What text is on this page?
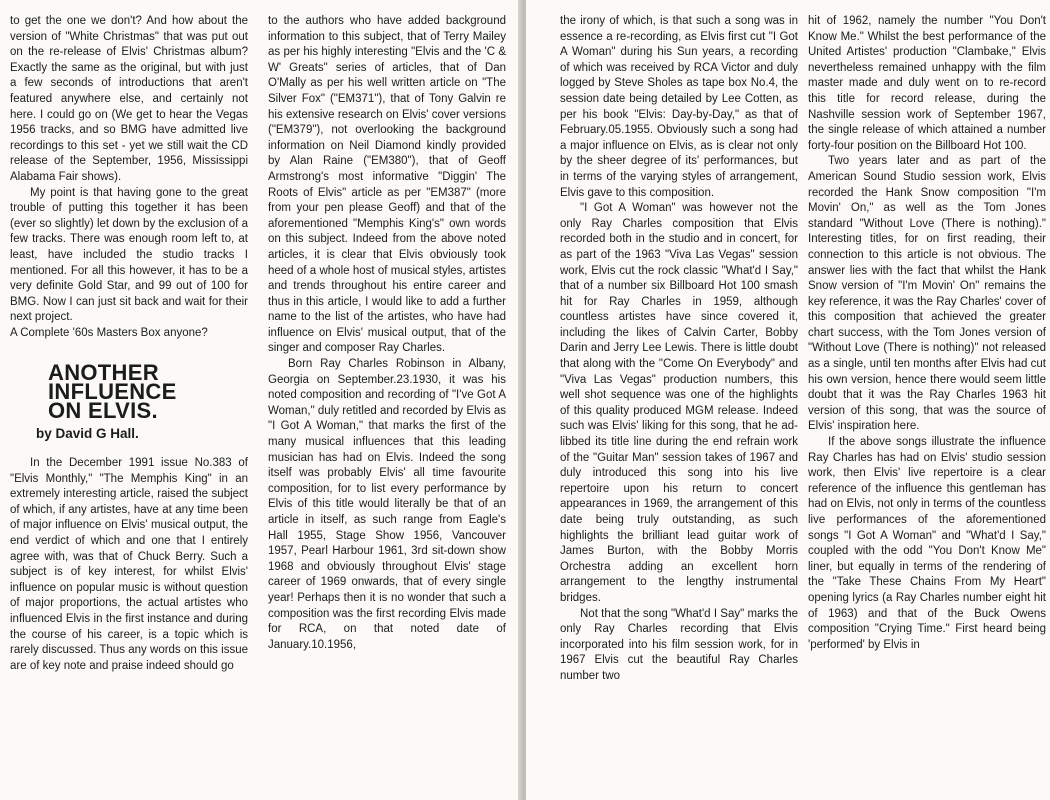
to get the one we don't? And how about the version of "White Christmas" that was put out on the re-release of Elvis' Christmas album? Exactly the same as the original, but with just a few seconds of introductions that aren't featured anywhere else, and certainly not here. I could go on (We get to hear the Vegas 1956 tracks, and so BMG have admitted live recordings to this set - yet we still wait the CD release of the September, 1956, Mississippi Alabama Fair shows).

My point is that having gone to the great trouble of putting this together it has been (ever so slightly) let down by the exclusion of a few tracks. There was enough room left to, at least, have included the studio tracks I mentioned. For all this however, it has to be a very definite Gold Star, and 99 out of 100 for BMG. Now I can just sit back and wait for their next project.

A Complete '60s Masters Box anyone?

ANOTHER
INFLUENCE
ON ELVIS.
by David G Hall.

In the December 1991 issue No.383 of "Elvis Monthly," "The Memphis King" in an extremely interesting article, raised the subject of which, if any artistes, have at any time been of major influence on Elvis' musical output, the end verdict of which and one that I entirely agree with, was that of Chuck Berry. Such a subject is of key interest, for whilst Elvis' influence on popular music is without question of major proportions, the actual artistes who influenced Elvis in the first instance and during the course of his career, is a topic which is rarely discussed. Thus any words on this issue are of key note and praise indeed should go

to the authors who have added background information to this subject, that of Terry Mailey as per his highly interesting "Elvis and the 'C & W' Greats" series of articles, that of Dan O'Mally as per his well written article on "The Silver Fox" ("EM371"), that of Tony Galvin re his extensive research on Elvis' cover versions ("EM379"), not overlooking the background information on Neil Diamond kindly provided by Alan Raine ("EM380"), that of Geoff Armstrong's most informative "Diggin' The Roots of Elvis" article as per "EM387" (more from your pen please Geoff) and that of the aforementioned "Memphis King's" own words on this subject. Indeed from the above noted articles, it is clear that Elvis obviously took heed of a whole host of musical styles, artistes and trends throughout his entire career and thus in this article, I would like to add a further name to the list of the artistes, who have had influence on Elvis' musical output, that of the singer and composer Ray Charles.

Born Ray Charles Robinson in Albany, Georgia on September.23.1930, it was his noted composition and recording of "I've Got A Woman," duly retitled and recorded by Elvis as "I Got A Woman," that marks the first of the many musical influences that this leading musician has had on Elvis. Indeed the song itself was probably Elvis' all time favourite composition, for to list every performance by Elvis of this title would literally be that of an article in itself, as such range from Eagle's Hall 1955, Stage Show 1956, Vancouver 1957, Pearl Harbour 1961, 3rd sit-down show 1968 and obviously throughout Elvis' stage career of 1969 onwards, that of every single year! Perhaps then it is no wonder that such a composition was the first recording Elvis made for RCA, on that noted date of January.10.1956,

the irony of which, is that such a song was in essence a re-recording, as Elvis first cut "I Got A Woman" during his Sun years, a recording of which was received by RCA Victor and duly logged by Steve Sholes as tape box No.4, the session date being detailed by Lee Cotten, as per his book "Elvis: Day-by-Day," as that of February.05.1955. Obviously such a song had a major influence on Elvis, as is clear not only by the sheer degree of its' performances, but in terms of the varying styles of arrangement, Elvis gave to this composition.

"I Got A Woman" was however not the only Ray Charles composition that Elvis recorded both in the studio and in concert, for as part of the 1963 "Viva Las Vegas" session work, Elvis cut the rock classic "What'd I Say," that of a number six Billboard Hot 100 smash hit for Ray Charles in 1959, although countless artistes have since covered it, including the likes of Calvin Carter, Bobby Darin and Jerry Lee Lewis. There is little doubt that along with the "Come On Everybody" and "Viva Las Vegas" production numbers, this well shot sequence was one of the highlights of this quality produced MGM release. Indeed such was Elvis' liking for this song, that he ad-libbed its title line during the end refrain work of the "Guitar Man" session takes of 1967 and duly introduced this song into his live repertoire upon his return to concert appearances in 1969, the arrangement of this date being truly outstanding, as such highlights the brilliant lead guitar work of James Burton, with the Bobby Morris Orchestra adding an excellent horn arrangement to the lengthy instrumental bridges.

Not that the song "What'd I Say" marks the only Ray Charles recording that Elvis incorporated into his film session work, for in 1967 Elvis cut the beautiful Ray Charles number two

hit of 1962, namely the number "You Don't Know Me." Whilst the best performance of the United Artistes' production "Clambake," Elvis nevertheless remained unhappy with the film master made and duly went on to re-record this title for record release, during the Nashville session work of September 1967, the single release of which attained a number forty-four position on the Billboard Hot 100.

Two years later and as part of the American Sound Studio session work, Elvis recorded the Hank Snow composition "I'm Movin' On," as well as the Tom Jones standard "Without Love (There is nothing)." Interesting titles, for on first reading, their connection to this article is not obvious. The answer lies with the fact that whilst the Hank Snow version of "I'm Movin' On" remains the key reference, it was the Ray Charles' cover of this composition that achieved the greater chart success, with the Tom Jones version of "Without Love (There is nothing)" not released as a single, until ten months after Elvis had cut his own version, hence there would seem little doubt that it was the Ray Charles 1963 hit version of this song, that was the source of Elvis' inspiration here.

If the above songs illustrate the influence Ray Charles has had on Elvis' studio session work, then Elvis' live repertoire is a clear reference of the influence this gentleman has had on Elvis, not only in terms of the countless live performances of the aforementioned songs "I Got A Woman" and "What'd I Say," coupled with the odd "You Don't Know Me" liner, but equally in terms of the rendering of the "Take These Chains From My Heart" opening lyrics (a Ray Charles number eight hit of 1963) and that of the Buck Owens composition "Crying Time." First heard being 'performed' by Elvis in
